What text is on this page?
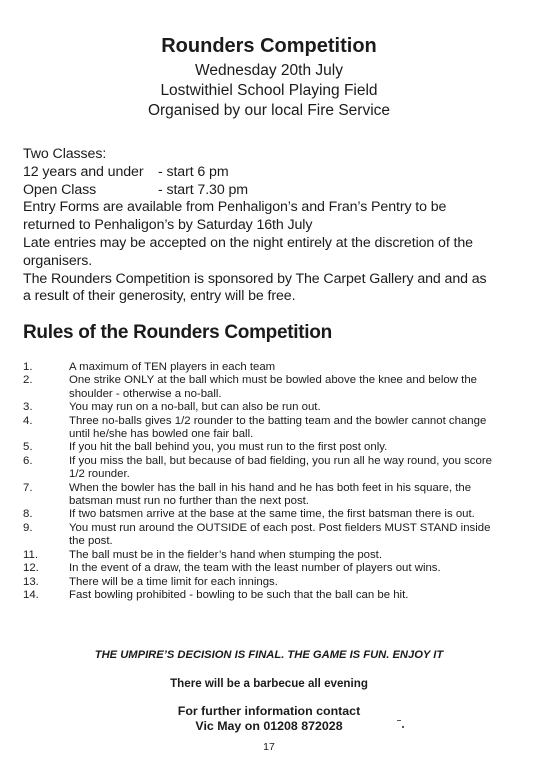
Rounders Competition
Wednesday 20th July
Lostwithiel School Playing Field
Organised by our local Fire Service

Two Classes:

12 years and under	- start 6 pm
Open Class	- start 7.30 pm

Entry Forms are available from Penhaligon’s and Fran’s Pentry to be returned to Penhaligon’s by Saturday 16th July

Late entries may be accepted on the night entirely at the discretion of the organisers.

The Rounders Competition is sponsored by The Carpet Gallery and and as a result of their generosity, entry will be free.

Rules of the Rounders Competition
1.	A maximum of TEN players in each team
2.	One strike ONLY at the ball which must be bowled above the knee and below the shoulder - otherwise a no-ball.
3.	You may run on a no-ball, but can also be run out.
4.	Three no-balls gives 1/2 rounder to the batting team and the bowler cannot change until he/she has bowled one fair ball.
5.	If you hit the ball behind you, you must run to the first post only.
6.	If you miss the ball, but because of bad fielding, you run all he way round, you score 1/2 rounder.
7.	When the bowler has the ball in his hand and he has both feet in his square, the batsman must run no further than the next post.
8.	If two batsmen arrive at the base at the same time, the first batsman there is out.
9.	You must run around the OUTSIDE of each post. Post fielders MUST STAND inside the post.
11.	The ball must be in the fielder’s hand when stumping the post.
12.	In the event of a draw, the team with the least number of players out wins.
13.	There will be a time limit for each innings.
14.	Fast bowling prohibited - bowling to be such that the ball can be hit.
THE UMPIRE’S DECISION IS FINAL. THE GAME IS FUN. ENJOY IT
There will be a barbecue all evening
For further information contact
Vic May on 01208 872028
17
